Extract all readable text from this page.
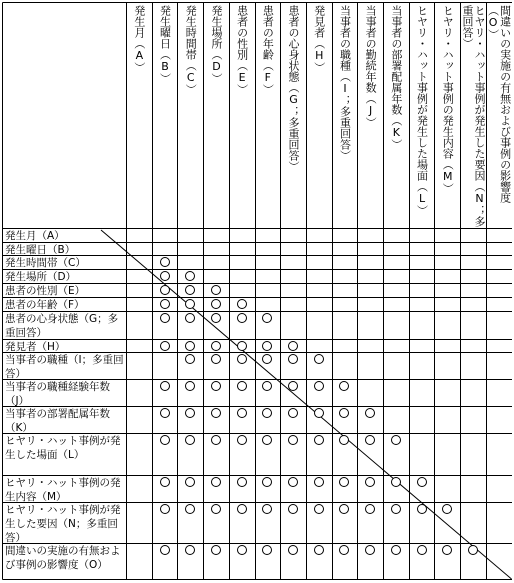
発生月（A） 発生曜日（B） 発生時間帯（C） 発生場所（D） 患者の性別（E） 患者の年齢（F） 患者の心身状態（G；多重回答） 発見者（H） 当事者の職種（I；多重回答） 当事者の勤続年数（J） 当事者の部署配属年数（K） ヒヤリ・ハット事例が発生した場面（L） ヒヤリ・ハット事例の発生内容（M）	ヒヤリ・ハット事例が発生した要因（N；多重回答）	間違いの実施の有無および事例の影響度（O）
発生月（A）
発生曜日（B）
発生時間帯（C）
発生場所（D）
患者の性別（E）
患者の年齢（F）
患者の心身状態（G；多重回答）
発見者（H）
当事者の職種（I；多重回答）
当事者の職種経験年数（J）
当事者の部署配属年数（K）
ヒヤリ・ハット事例が発生した場面（L）
ヒヤリ・ハット事例の発生内容（M）
ヒヤリ・ハット事例が発生した要因（N；多重回答）
間違いの実施の有無および事例の影響度（O）
